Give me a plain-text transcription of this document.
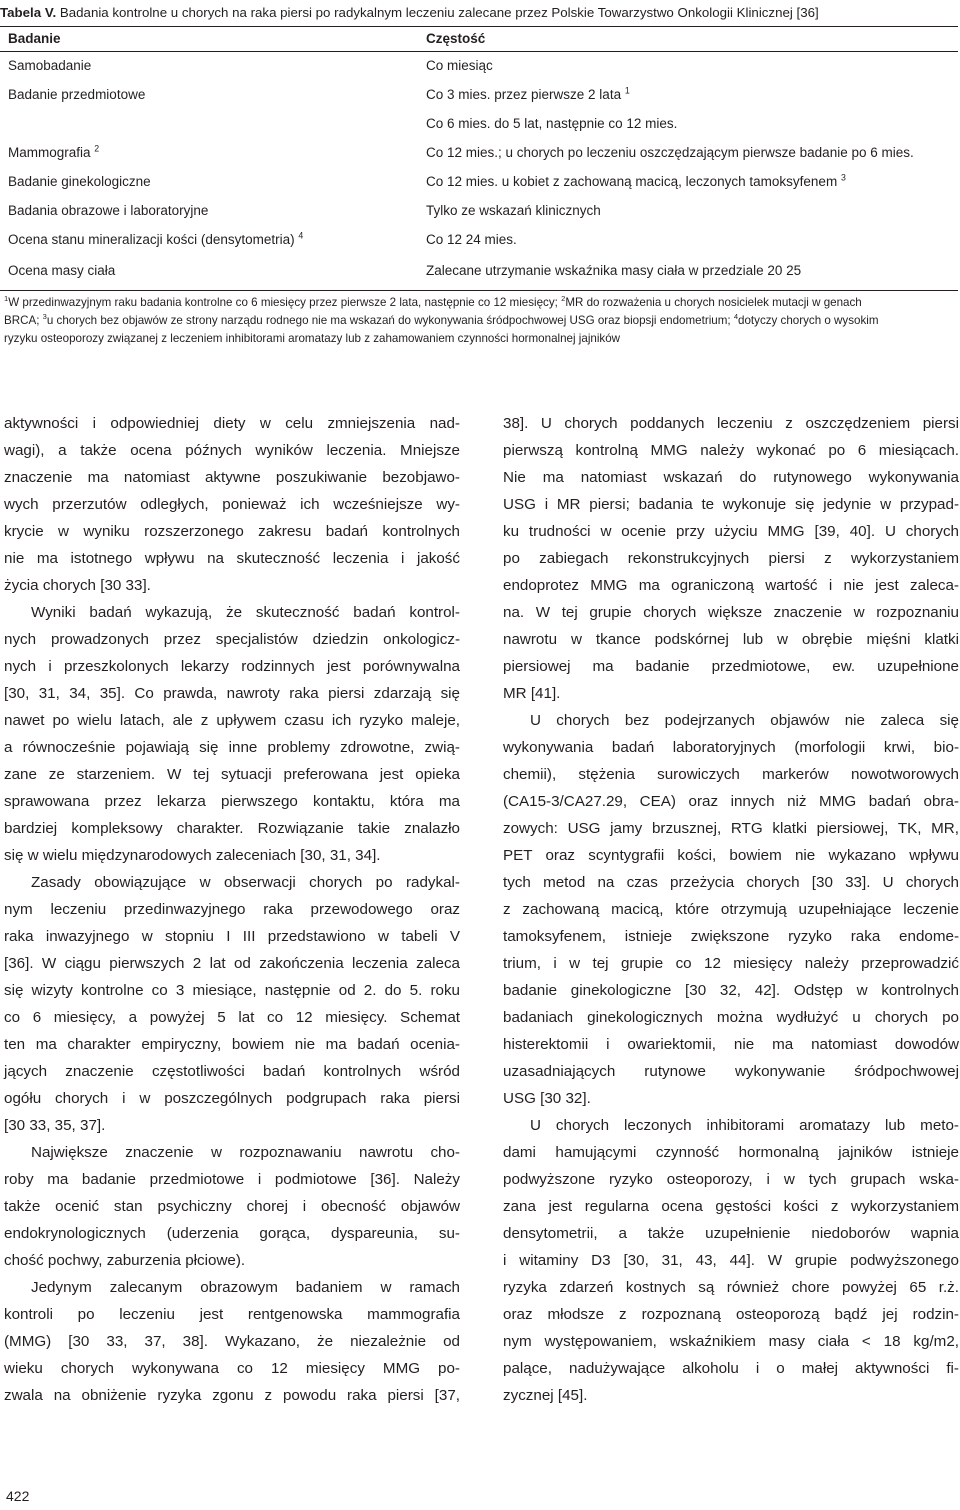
Tabela V. Badania kontrolne u chorych na raka piersi po radykalnym leczeniu zalecane przez Polskie Towarzystwo Onkologii Klinicznej [36]
Badanie	Częstość
Samobadanie	Co miesiąc
Badanie przedmiotowe	Co 3 mies. przez pierwsze 2 lata $^1$
Co 6 mies. do 5 lat, następnie co 12 mies.
Mammografia $^2$	Co 12 mies.; u chorych po leczeniu oszczędzającym pierwsze badanie po 6 mies.
Badanie ginekologiczne	Co 12 mies. u kobiet z zachowaną macicą, leczonych tamoksyfenem $^3$
Badania obrazowe i laboratoryjne	Tylko ze wskazań klinicznych
Ocena stanu mineralizacji kości (densytometria) $^4$	Co 12 24 mies.
Ocena masy ciała	Zalecane utrzymanie wskaźnika masy ciała w przedziale 20 25

$^1$W przedinwazyjnym raku badania kontrolne co 6 miesięcy przez pierwsze 2 lata, następnie co 12 miesięcy; $^2$MR do rozważenia u chorych nosicielek mutacji w genach

BRCA; $^3$u chorych bez objawów ze strony narządu rodnego nie ma wskazań do wykonywania śródpochwowej USG oraz biopsji endometrium; $^4$dotyczy chorych o wysokim

ryzyku osteoporozy związanej z leczeniem inhibitorami aromatazy lub z zahamowaniem czynności hormonalnej jajników

aktywności i odpowiedniej diety w celu zmniejszenia nad-
wagi), a także ocena późnych wyników leczenia. Mniejsze
znaczenie ma natomiast aktywne poszukiwanie bezobjawo-
wych przerzutów odległych, ponieważ ich wcześniejsze wy-
krycie w wyniku rozszerzonego zakresu badań kontrolnych
nie ma istotnego wpływu na skuteczność leczenia i jakość
życia chorych [30 33].
Wyniki badań wykazują, że skuteczność badań kontrol-
nych prowadzonych przez specjalistów dziedzin onkologicz-
nych i przeszkolonych lekarzy rodzinnych jest porównywalna
[30, 31, 34, 35]. Co prawda, nawroty raka piersi zdarzają się
nawet po wielu latach, ale z upływem czasu ich ryzyko maleje,
a równocześnie pojawiają się inne problemy zdrowotne, zwią-
zane ze starzeniem. W tej sytuacji preferowana jest opieka
sprawowana przez lekarza pierwszego kontaktu, która ma
bardziej kompleksowy charakter. Rozwiązanie takie znalazło
się w wielu międzynarodowych zaleceniach [30, 31, 34].
Zasady obowiązujące w obserwacji chorych po radykal-
nym leczeniu przedinwazyjnego raka przewodowego oraz
raka inwazyjnego w stopniu I III przedstawiono w tabeli V
[36]. W ciągu pierwszych 2 lat od zakończenia leczenia zaleca
się wizyty kontrolne co 3 miesiące, następnie od 2. do 5. roku
co 6 miesięcy, a powyżej 5 lat co 12 miesięcy. Schemat
ten ma charakter empiryczny, bowiem nie ma badań ocenia-
jących znaczenie częstotliwości badań kontrolnych wśród
ogółu chorych i w poszczególnych podgrupach raka piersi
[30 33, 35, 37].
Największe znaczenie w rozpoznawaniu nawrotu cho-
roby ma badanie przedmiotowe i podmiotowe [36]. Należy
także ocenić stan psychiczny chorej i obecność objawów
endokrynologicznych (uderzenia gorąca, dyspareunia, su-
chość pochwy, zaburzenia płciowe).
Jedynym zalecanym obrazowym badaniem w ramach
kontroli po leczeniu jest rentgenowska mammografia
(MMG) [30 33, 37, 38]. Wykazano, że niezależnie od
wieku chorych wykonywana co 12 miesięcy MMG po-
zwala na obniżenie ryzyka zgonu z powodu raka piersi [37,
38]. U chorych poddanych leczeniu z oszczędzeniem piersi
pierwszą kontrolną MMG należy wykonać po 6 miesiącach.
Nie ma natomiast wskazań do rutynowego wykonywania
USG i MR piersi; badania te wykonuje się jedynie w przypad-
ku trudności w ocenie przy użyciu MMG [39, 40]. U chorych
po zabiegach rekonstrukcyjnych piersi z wykorzystaniem
endoprotez MMG ma ograniczoną wartość i nie jest zaleca-
na. W tej grupie chorych większe znaczenie w rozpoznaniu
nawrotu w tkance podskórnej lub w obrębie mięśni klatki
piersiowej ma badanie przedmiotowe, ew. uzupełnione
MR [41].
U chorych bez podejrzanych objawów nie zaleca się
wykonywania badań laboratoryjnych (morfologii krwi, bio-
chemii), stężenia surowiczych markerów nowotworowych
(CA15-3/CA27.29, CEA) oraz innych niż MMG badań obra-
zowych: USG jamy brzusznej, RTG klatki piersiowej, TK, MR,
PET oraz scyntygrafii kości, bowiem nie wykazano wpływu
tych metod na czas przeżycia chorych [30 33]. U chorych
z zachowaną macicą, które otrzymują uzupełniające leczenie
tamoksyfenem, istnieje zwiększone ryzyko raka endome-
trium, i w tej grupie co 12 miesięcy należy przeprowadzić
badanie ginekologiczne [30 32, 42]. Odstęp w kontrolnych
badaniach ginekologicznych można wydłużyć u chorych po
histerektomii i owariektomii, nie ma natomiast dowodów
uzasadniających rutynowe wykonywanie śródpochwowej
USG [30 32].
U chorych leczonych inhibitorami aromatazy lub meto-
dami hamującymi czynność hormonalną jajników istnieje
podwyższone ryzyko osteoporozy, i w tych grupach wska-
zana jest regularna ocena gęstości kości z wykorzystaniem
densytometrii, a także uzupełnienie niedoborów wapnia
i witaminy D3 [30, 31, 43, 44]. W grupie podwyższonego
ryzyka zdarzeń kostnych są również chore powyżej 65 r.ż.
oraz młodsze z rozpoznaną osteoporozą bądź jej rodzin-
nym występowaniem, wskaźnikiem masy ciała < 18 kg/m2,
palące, nadużywające alkoholu i o małej aktywności fi-
zycznej [45].
422
